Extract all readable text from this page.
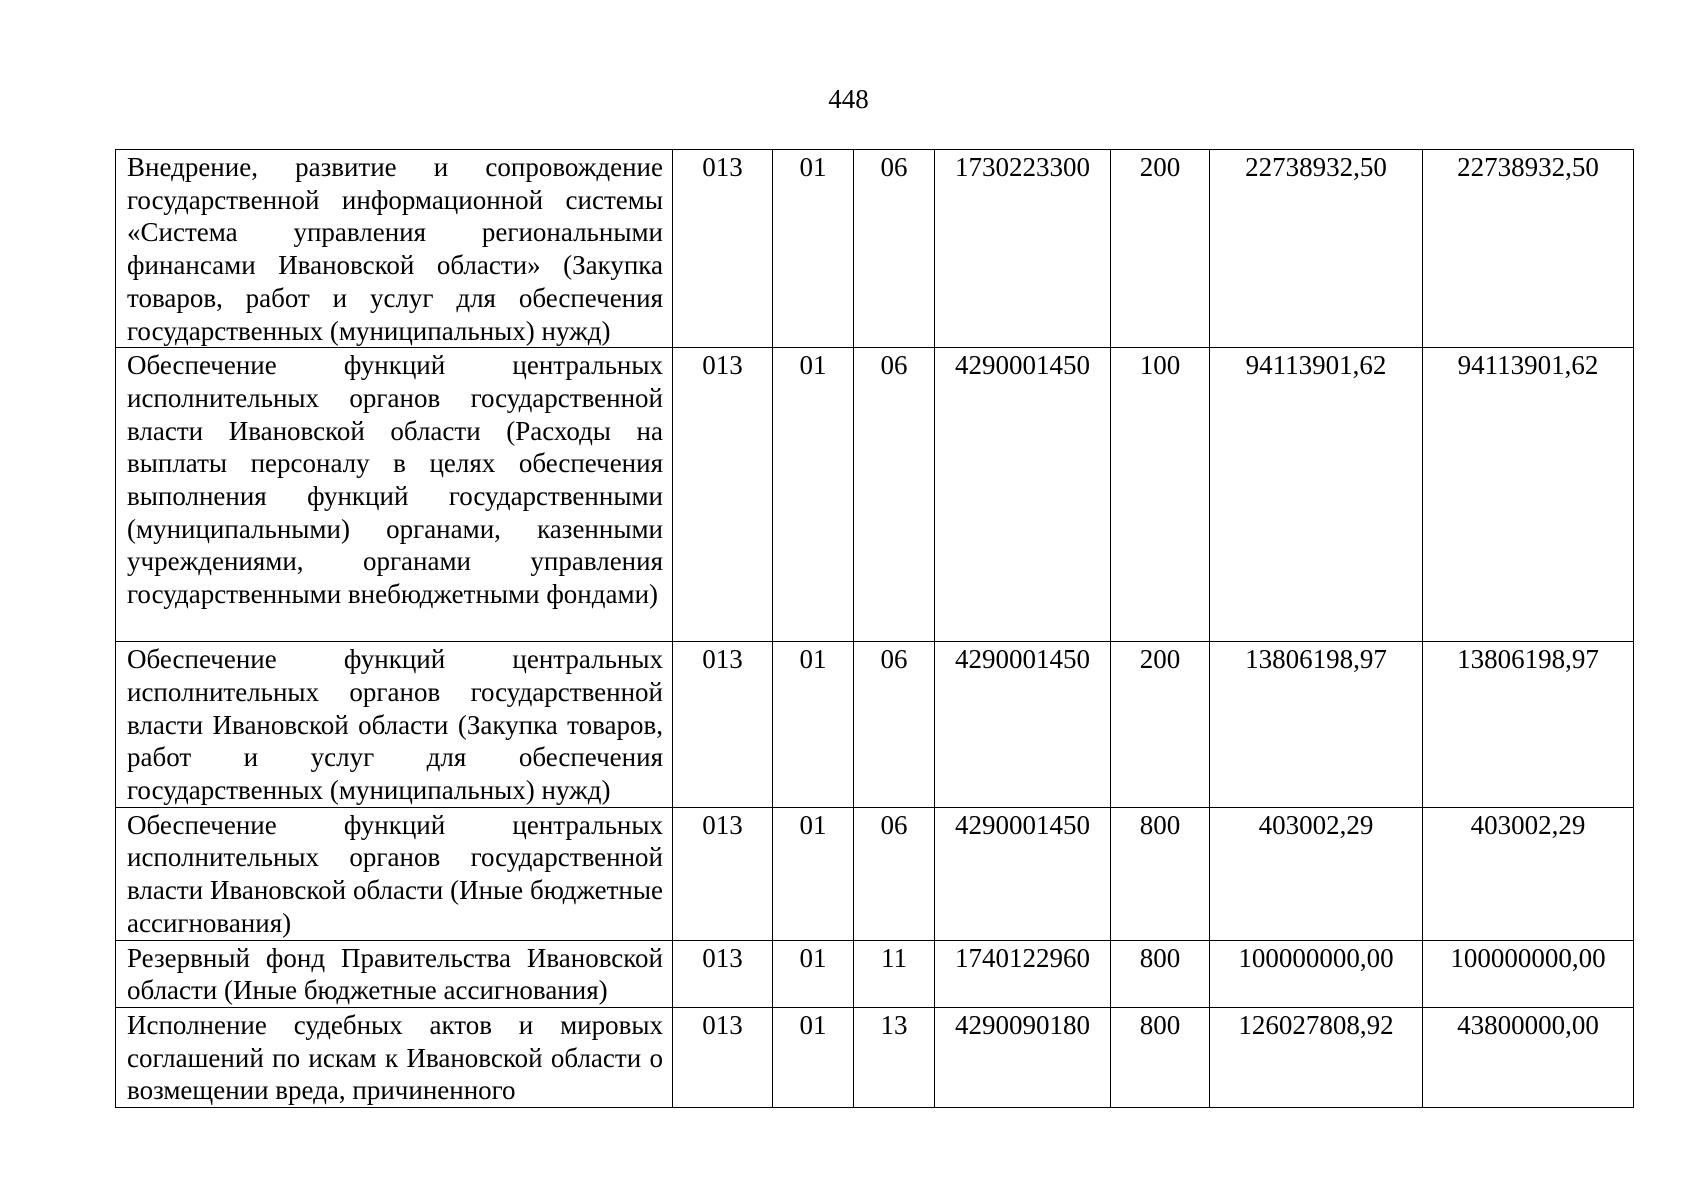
448
Внедрение, развитие и сопровождение государственной информационной системы «Система управления региональными финансами Ивановской области» (Закупка товаров, работ и услуг для обеспечения государственных (муниципальных) нужд)	013	01	06	1730223300	200	22738932,50	22738932,50
Обеспечение функций центральных исполнительных органов государственной власти Ивановской области (Расходы на выплаты персоналу в целях обеспечения выполнения функций государственными (муниципальными) органами, казенными учреждениями, органами управления государственными внебюджетными фондами)	013	01	06	4290001450	100	94113901,62	94113901,62
Обеспечение функций центральных исполнительных органов государственной власти Ивановской области (Закупка товаров, работ и услуг для обеспечения государственных (муниципальных) нужд)	013	01	06	4290001450	200	13806198,97	13806198,97
Обеспечение функций центральных исполнительных органов государственной власти Ивановской области (Иные бюджетные ассигнования)	013	01	06	4290001450	800	403002,29	403002,29
Резервный фонд Правительства Ивановской области (Иные бюджетные ассигнования)	013	01	11	1740122960	800	100000000,00	100000000,00
Исполнение судебных актов и мировых соглашений по искам к Ивановской области о возмещении вреда, причиненного	013	01	13	4290090180	800	126027808,92	43800000,00
